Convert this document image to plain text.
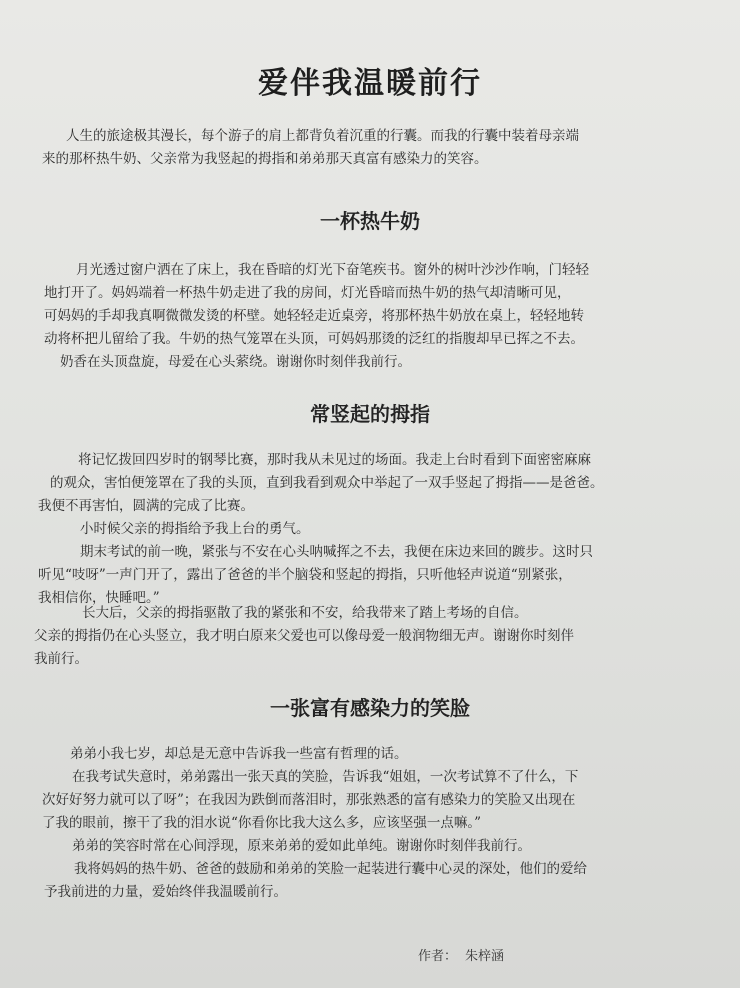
爱伴我温暖前行

人生的旅途极其漫长，每个游子的肩上都背负着沉重的行囊。而我的行囊中装着母亲端
来的那杯热牛奶、父亲常为我竖起的拇指和弟弟那天真富有感染力的笑容。

一杯热牛奶

月光透过窗户洒在了床上，我在昏暗的灯光下奋笔疾书。窗外的树叶沙沙作响，门轻轻
地打开了。妈妈端着一杯热牛奶走进了我的房间，灯光昏暗而热牛奶的热气却清晰可见，
可妈妈的手却我真啊微微发烫的杯壁。她轻轻走近桌旁，将那杯热牛奶放在桌上，轻轻地转
动将杯把儿留给了我。牛奶的热气笼罩在头顶，可妈妈那烫的泛红的指腹却早已挥之不去。
奶香在头顶盘旋，母爱在心头萦绕。谢谢你时刻伴我前行。

常竖起的拇指

将记忆拨回四岁时的钢琴比赛，那时我从未见过的场面。我走上台时看到下面密密麻麻
的观众，害怕便笼罩在了我的头顶，直到我看到观众中举起了一双手竖起了拇指——是爸爸。
我便不再害怕，圆满的完成了比赛。

小时候父亲的拇指给予我上台的勇气。

期末考试的前一晚，紧张与不安在心头呐喊挥之不去，我便在床边来回的踱步。这时只
听见“吱呀”一声门开了，露出了爸爸的半个脑袋和竖起的拇指，只听他轻声说道“别紧张，
我相信你，快睡吧。”

长大后，父亲的拇指驱散了我的紧张和不安，给我带来了踏上考场的自信。

父亲的拇指仍在心头竖立，我才明白原来父爱也可以像母爱一般润物细无声。谢谢你时刻伴
我前行。

一张富有感染力的笑脸

弟弟小我七岁，却总是无意中告诉我一些富有哲理的话。

在我考试失意时，弟弟露出一张天真的笑脸，告诉我“姐姐，一次考试算不了什么，下
次好好努力就可以了呀”；在我因为跌倒而落泪时，那张熟悉的富有感染力的笑脸又出现在
了我的眼前，擦干了我的泪水说“你看你比我大这么多，应该坚强一点嘛。”

弟弟的笑容时常在心间浮现，原来弟弟的爱如此单纯。谢谢你时刻伴我前行。

我将妈妈的热牛奶、爸爸的鼓励和弟弟的笑脸一起装进行囊中心灵的深处，他们的爱给
予我前进的力量，爱始终伴我温暖前行。

作者： 朱梓涵
